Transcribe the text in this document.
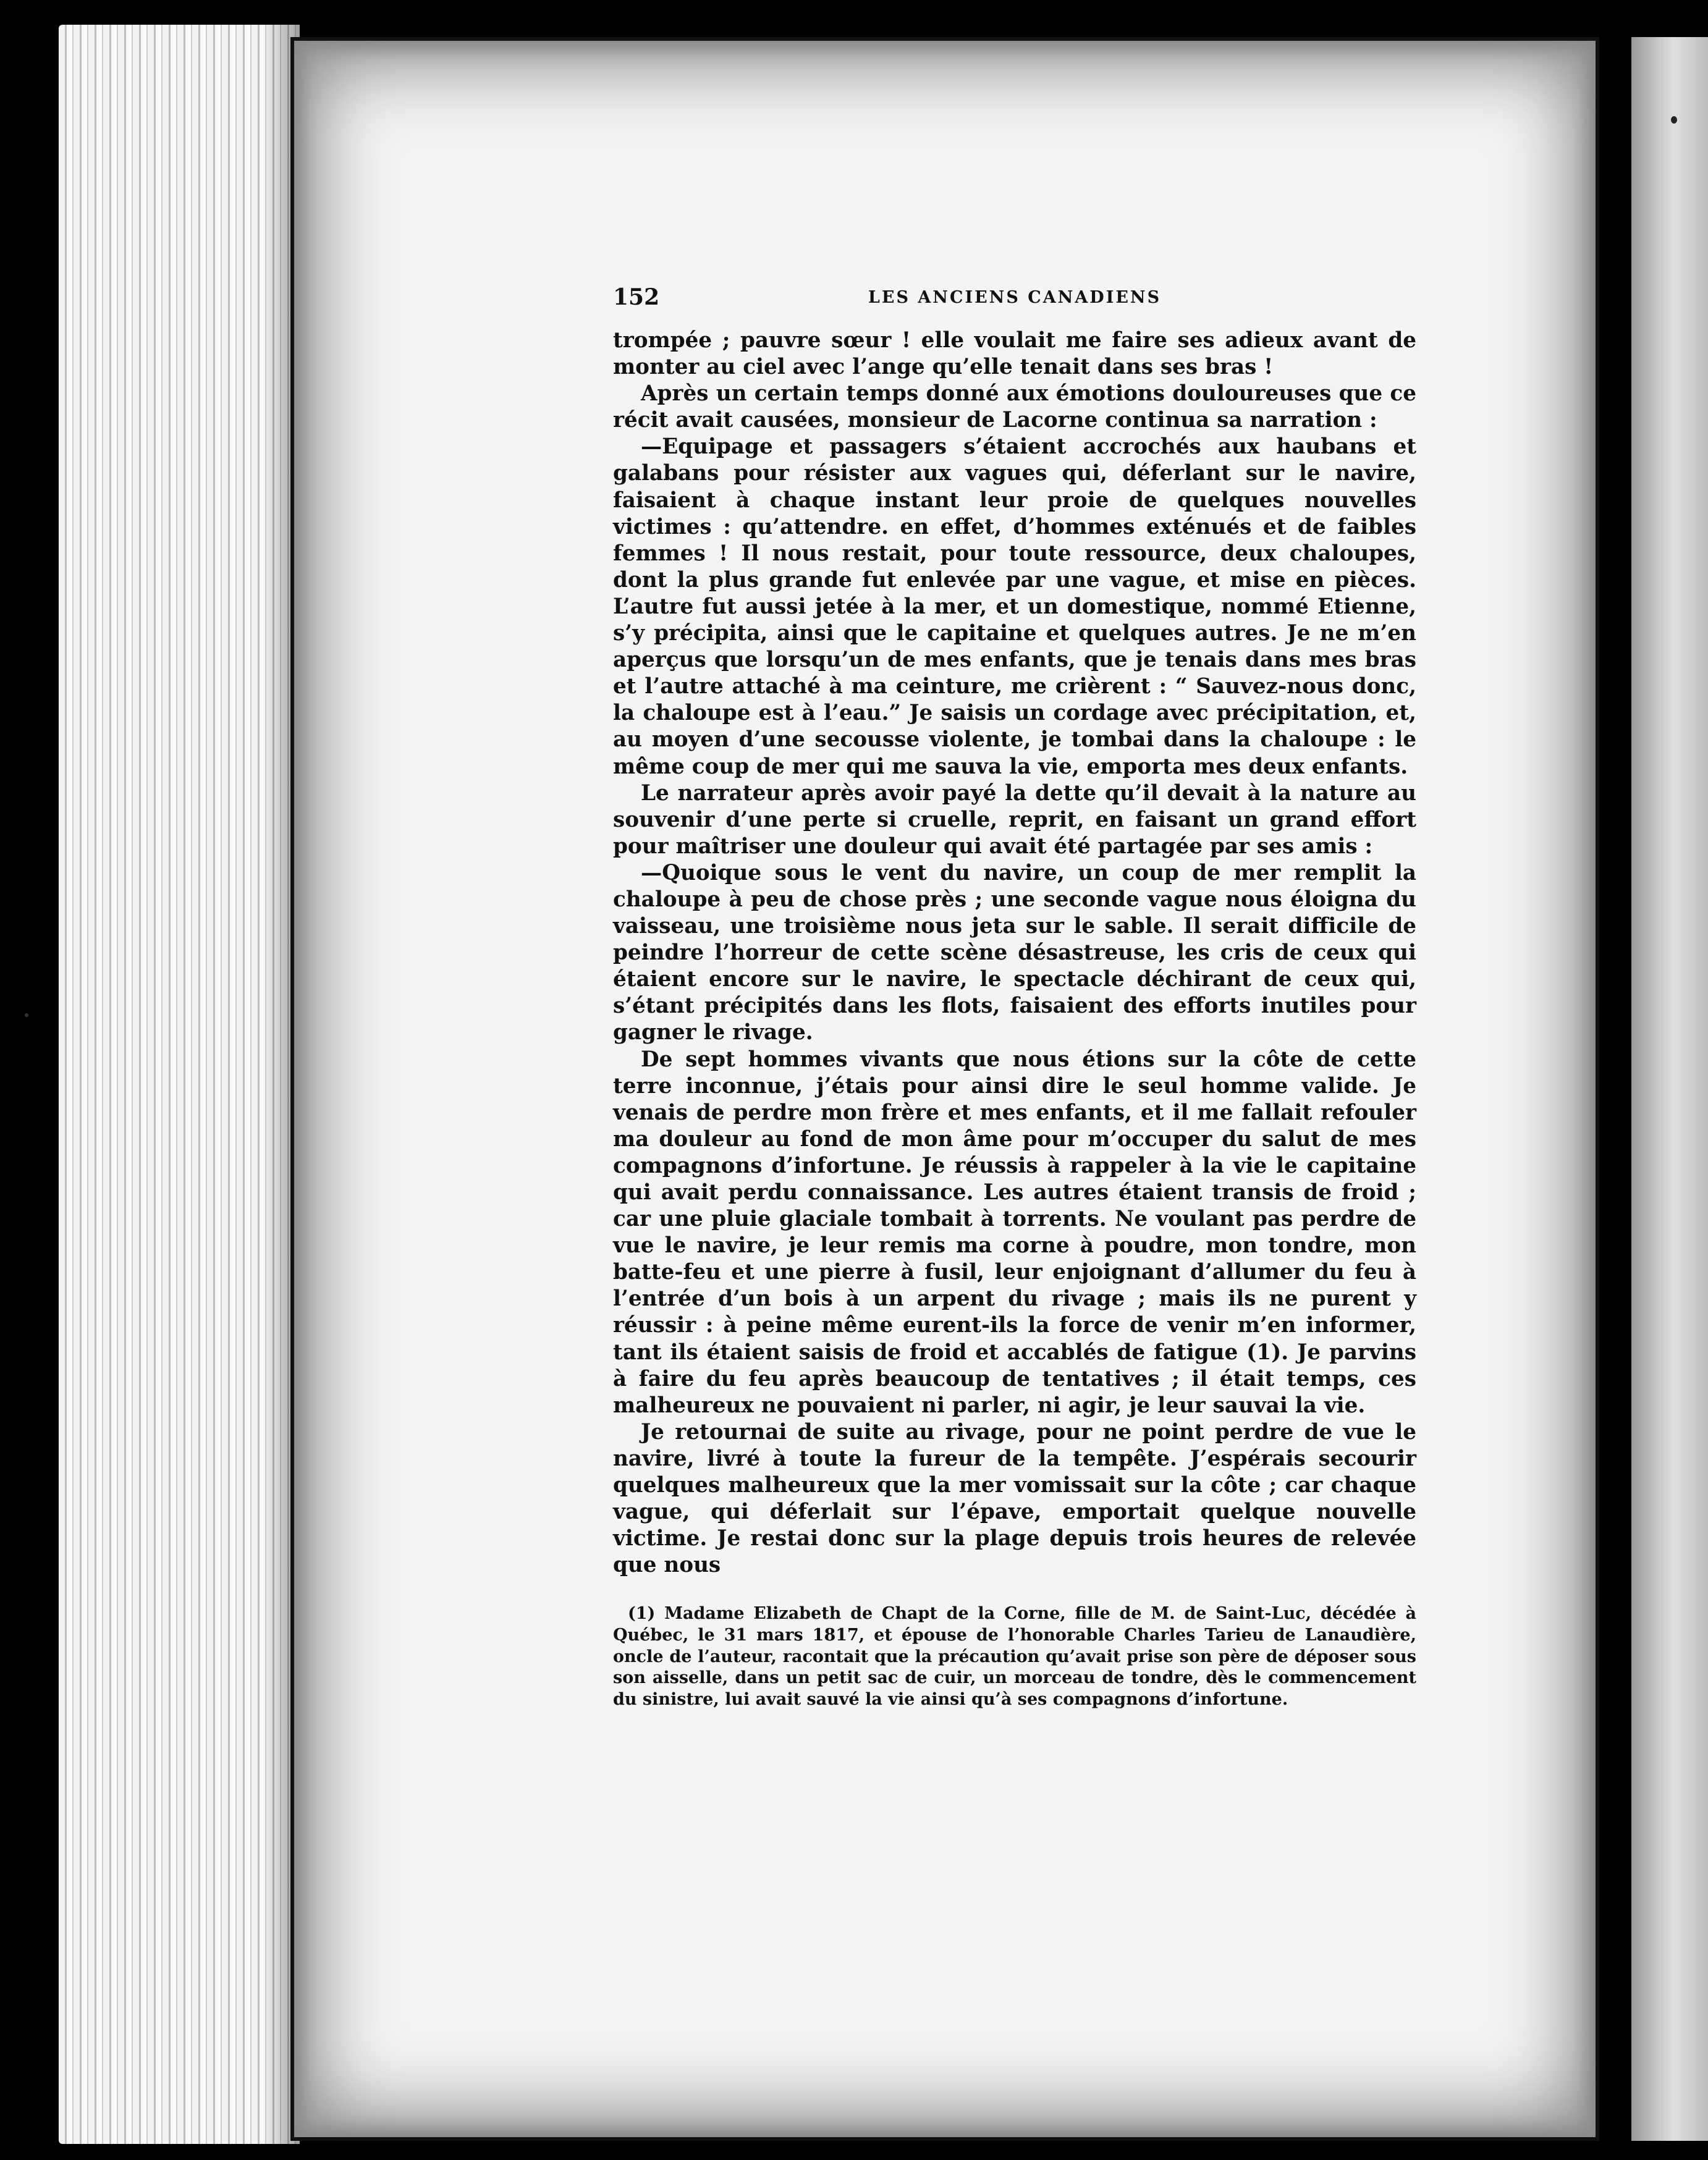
152	LES ANCIENS CANADIENS

trompée ; pauvre sœur ! elle voulait me faire ses adieux avant de monter au ciel avec l’ange qu’elle tenait dans ses bras !

Après un certain temps donné aux émotions douloureuses que ce récit avait causées, monsieur de Lacorne continua sa narration :

—Equipage et passagers s’étaient accrochés aux haubans et galabans pour résister aux vagues qui, déferlant sur le navire, faisaient à chaque instant leur proie de quelques nouvelles victimes : qu’attendre. en effet, d’hommes exténués et de faibles femmes ! Il nous restait, pour toute ressource, deux chaloupes, dont la plus grande fut enlevée par une vague, et mise en pièces. L’autre fut aussi jetée à la mer, et un domestique, nommé Etienne, s’y précipita, ainsi que le capitaine et quelques autres. Je ne m’en aperçus que lorsqu’un de mes enfants, que je tenais dans mes bras et l’autre attaché à ma ceinture, me crièrent : “ Sauvez-nous donc, la chaloupe est à l’eau.” Je saisis un cordage avec précipitation, et, au moyen d’une secousse violente, je tombai dans la chaloupe : le même coup de mer qui me sauva la vie, emporta mes deux enfants.

Le narrateur après avoir payé la dette qu’il devait à la nature au souvenir d’une perte si cruelle, reprit, en faisant un grand effort pour maîtriser une douleur qui avait été partagée par ses amis :

—Quoique sous le vent du navire, un coup de mer remplit la chaloupe à peu de chose près ; une seconde vague nous éloigna du vaisseau, une troisième nous jeta sur le sable. Il serait difficile de peindre l’horreur de cette scène désastreuse, les cris de ceux qui étaient encore sur le navire, le spectacle déchirant de ceux qui, s’étant précipités dans les flots, faisaient des efforts inutiles pour gagner le rivage.

De sept hommes vivants que nous étions sur la côte de cette terre inconnue, j’étais pour ainsi dire le seul homme valide. Je venais de perdre mon frère et mes enfants, et il me fallait refouler ma douleur au fond de mon âme pour m’occuper du salut de mes compagnons d’infortune. Je réussis à rappeler à la vie le capitaine qui avait perdu connaissance. Les autres étaient transis de froid ; car une pluie glaciale tombait à torrents. Ne voulant pas perdre de vue le navire, je leur remis ma corne à poudre, mon tondre, mon batte-feu et une pierre à fusil, leur enjoignant d’allumer du feu à l’entrée d’un bois à un arpent du rivage ; mais ils ne purent y réussir : à peine même eurent-ils la force de venir m’en informer, tant ils étaient saisis de froid et accablés de fatigue (1). Je parvins à faire du feu après beaucoup de tentatives ; il était temps, ces malheureux ne pouvaient ni parler, ni agir, je leur sauvai la vie.

Je retournai de suite au rivage, pour ne point perdre de vue le navire, livré à toute la fureur de la tempête. J’espérais secourir quelques malheureux que la mer vomissait sur la côte ; car chaque vague, qui déferlait sur l’épave, emportait quelque nouvelle victime. Je restai donc sur la plage depuis trois heures de relevée que nous

(1) Madame Elizabeth de Chapt de la Corne, fille de M. de Saint-Luc, décédée à Québec, le 31 mars 1817, et épouse de l’honorable Charles Tarieu de Lanaudière, oncle de l’auteur, racontait que la précaution qu’avait prise son père de déposer sous son aisselle, dans un petit sac de cuir, un morceau de tondre, dès le commencement du sinistre, lui avait sauvé la vie ainsi qu’à ses compagnons d’infortune.
